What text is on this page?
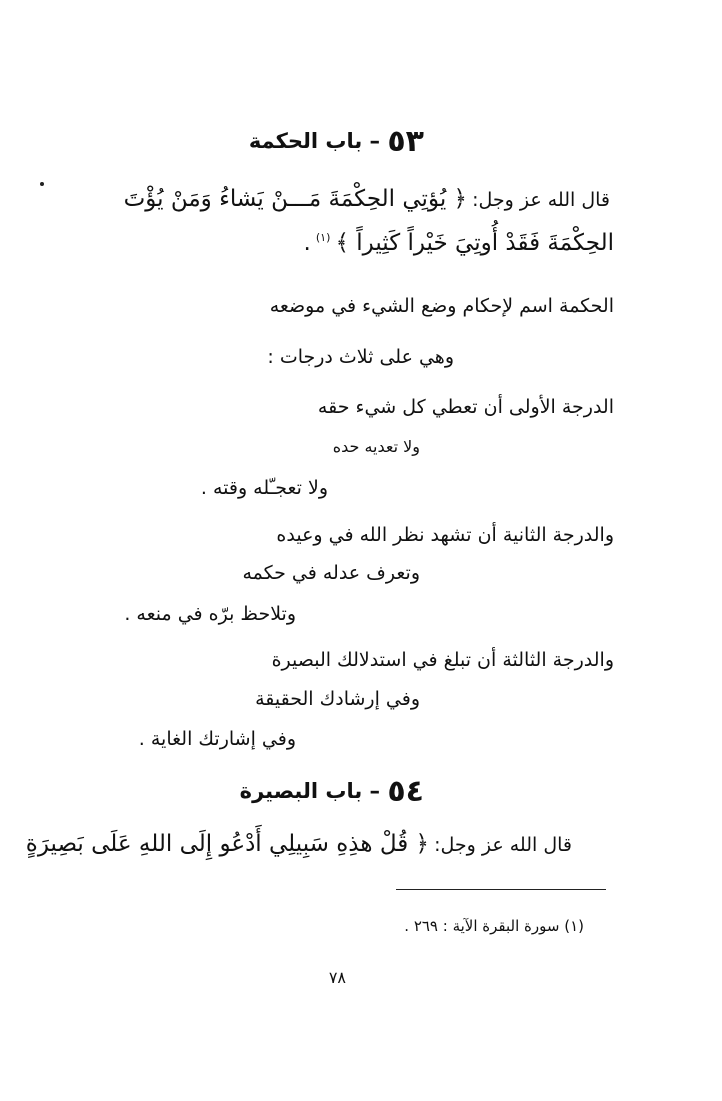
٥٣ – باب الحكمة
قال الله عز وجل: ﴿ يُؤتِي الحِكْمَةَ مَـــنْ يَشاءُ وَمَنْ يُؤْتَ
الحِكْمَةَ فَقَدْ أُوتِيَ خَيْراً كَثِيراً ﴾ $^{(١)}$ .
الحكمة اسم لإحكام وضع الشيء في موضعه
وهي على ثلاث درجات :
الدرجة الأولى أن تعطي كل شيء حقه
ولا تعديه حده
ولا تعجـّله وقته .
والدرجة الثانية أن تشهد نظر الله في وعيده
وتعرف عدله في حكمه
وتلاحظ برّه في منعه .
والدرجة الثالثة أن تبلغ في استدلالك البصيرة
وفي إرشادك الحقيقة
وفي إشارتك الغاية .
٥٤ – باب البصيرة
قال الله عز وجل: ﴿ قُلْ هذِهِ سَبِيلِي أَدْعُو إِلَى اللهِ عَلَى بَصِيرَةٍ
(١) سورة البقرة الآية : ٢٦٩ .
٧٨
